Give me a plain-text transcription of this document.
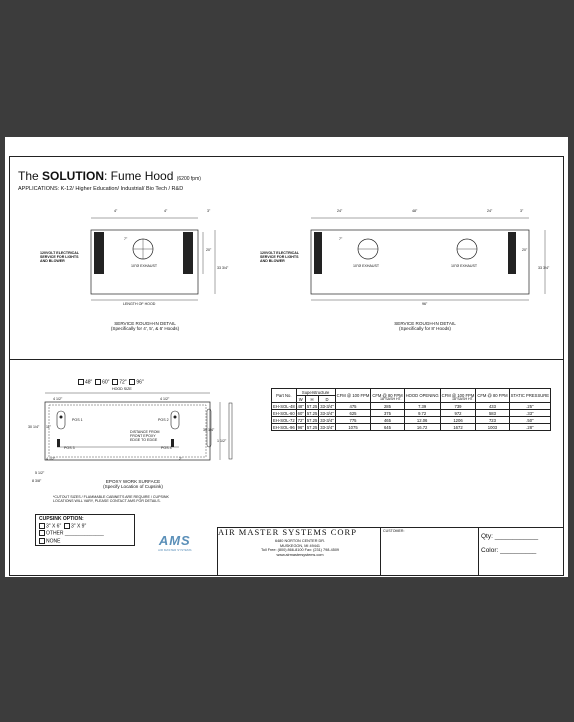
The SOLUTION: Fume Hood (6200 fpm)
APPLICATIONS: K-12/ Higher Education/ Industrial/ Bio Tech / R&D
4"	4"	3"
7"
20"
33 3/4"
120VOLT ELECTRICAL
SERVICE FOR LIGHTS
AND BLOWER
10"Ø EXHAUST
LENGTH OF HOOD
SERVICE ROUGH-IN DETAIL
(Specifically for 4', 5', & 6' Hoods)
24"	48"	24"	3"
7"
20"
33 3/4"
120VOLT ELECTRICAL
SERVICE FOR LIGHTS
AND BLOWER
10"Ø EXHAUST	10"Ø EXHAUST
96"
SERVICE ROUGH-IN DETAIL
(Specifically for 8' Hoods)
48" 60" 72" 96"
HOOD SIZE
4 1/2"	4 1/2"
30 1/4" 11"
1 1/2"
30 1/4"
POS 1	POS 2
POS 3	POS 4
DISTANCE FROM
FRONT EPOXY
EDGE TO EDGE
4 1/2"	2"
5 1/2"
8 3/8"	EPOXY WORK SURFACE
(Specify Location of Cupsink)
*CUTOUT SIZES / FLAMMABLE CABINETS ARE REQUIRE / CUPSINK
LOCATIONS WILL VARY, PLEASE CONTACT AMS FOR DETAILS.
18"SASH HT.	18"SASH HT.
Part No.	Superstructure			CFM @ 100 FPM	CFM @ 80 FPM	HOOD OPENING	CFM @ 100 FPM	CFM @ 80 FPM	STATIC PRESSURE
	W	H	D						
EH-SOL-48	48"	57.25	33-3/4"	475	285	7.39	739	433	.25"
EH-SOL-60	60"	57.25	33-3/4"	625	375	9.72	972	583	.33"
EH-SOL-72	72"	57.25	33-3/4"	775	465	12.06	1206	723	.50"
EH-SOL-96	96"	57.25	33-3/4"	1075	645	16.72	1672	1003	.28"
CUPSINK OPTION:
3" X 6" 3" X 9"
OTHER ______________
NONE	AMS
AIR MASTER SYSTEMS
AIR MASTER SYSTEMS CORP
6480 NORTON CENTER DR.
MUSKEGON, MI 49441
Toll Free: (800) 866-8100 Fax: (231) 798-4509
www.airmastersystems.com
CUSTOMER:
Qty: ____________
Color: __________
